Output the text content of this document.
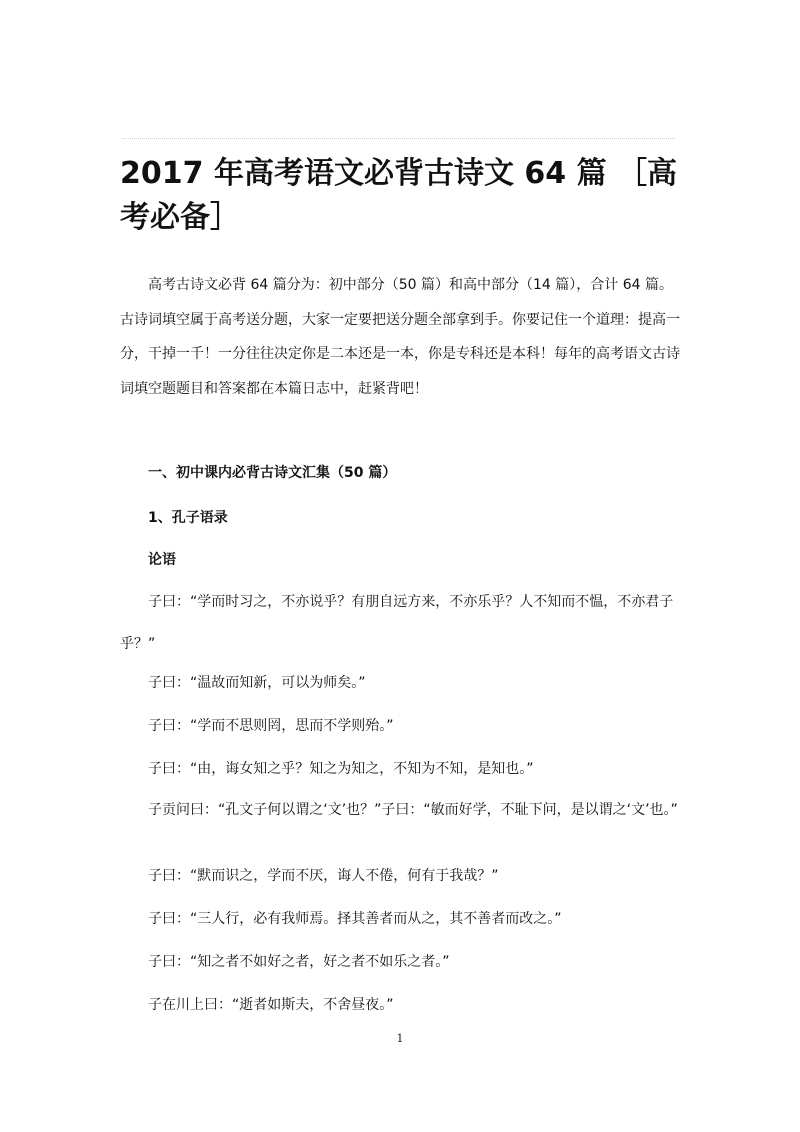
2017 年高考语文必背古诗文 64 篇 ［高考必备］

高考古诗文必背 64 篇分为：初中部分（50 篇）和高中部分（14 篇），合计 64 篇。古诗词填空属于高考送分题，大家一定要把送分题全部拿到手。你要记住一个道理：提高一分，干掉一千！一分往往决定你是二本还是一本，你是专科还是本科！每年的高考语文古诗词填空题题目和答案都在本篇日志中，赶紧背吧！

一、初中课内必背古诗文汇集（50 篇）

1、孔子语录

论语

子曰：“学而时习之，不亦说乎？有朋自远方来，不亦乐乎？人不知而不愠，不亦君子乎？”

子曰：“温故而知新，可以为师矣。”

子曰：“学而不思则罔，思而不学则殆。”

子曰：“由，诲女知之乎？知之为知之，不知为不知，是知也。”

子贡问曰：“孔文子何以谓之‘文’也？”子曰：“敏而好学，不耻下问，是以谓之‘文’也。”

子曰：“默而识之，学而不厌，诲人不倦，何有于我哉？”

子曰：“三人行，必有我师焉。择其善者而从之，其不善者而改之。”

子曰：“知之者不如好之者，好之者不如乐之者。”

子在川上曰：“逝者如斯夫，不舍昼夜。”

1
